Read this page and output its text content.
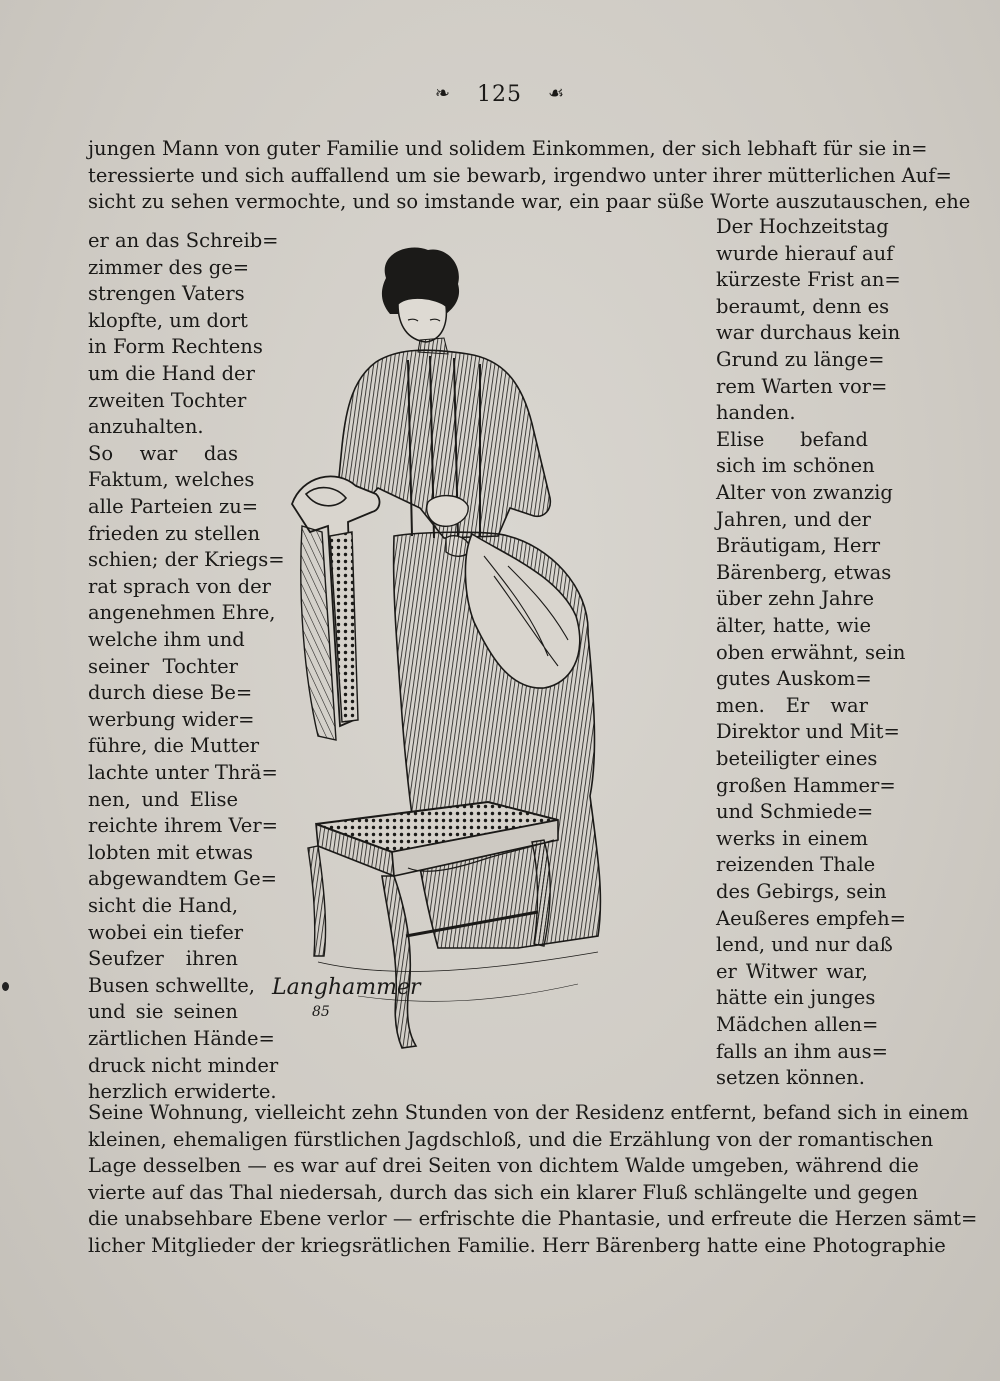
❧ 125 ☙
jungen Mann von guter Familie und solidem Einkommen, der sich lebhaft für sie in=
teressierte und sich auffallend um sie bewarb, irgendwo unter ihrer mütterlichen Auf=
sicht zu sehen vermochte, und so imstande war, ein paar süße Worte auszutauschen, ehe
er an das Schreib=
zimmer des ge=
strengen Vaters
klopfte, um dort
in Form Rechtens
um die Hand der
zweiten Tochter
anzuhalten.
So war das
Faktum, welches
alle Parteien zu=
frieden zu stellen
schien; der Kriegs=
rat sprach von der
angenehmen Ehre,
welche ihm und
seiner Tochter
durch diese Be=
werbung wider=
führe, die Mutter
lachte unter Thrä=
nen, und Elise
reichte ihrem Ver=
lobten mit etwas
abgewandtem Ge=
sicht die Hand,
wobei ein tiefer
Seufzer ihren
Busen schwellte,
und sie seinen
zärtlichen Hände=
druck nicht minder
herzlich erwiderte.
Der Hochzeitstag
wurde hierauf auf
kürzeste Frist an=
beraumt, denn es
war durchaus kein
Grund zu länge=
rem Warten vor=
handen.
Elise befand
sich im schönen
Alter von zwanzig
Jahren, und der
Bräutigam, Herr
Bärenberg, etwas
über zehn Jahre
älter, hatte, wie
oben erwähnt, sein
gutes Auskom=
men. Er war
Direktor und Mit=
beteiligter eines
großen Hammer=
und Schmiede=
werks in einem
reizenden Thale
des Gebirgs, sein
Aeußeres empfeh=
lend, und nur daß
er Witwer war,
hätte ein junges
Mädchen allen=
falls an ihm aus=
setzen können.
Seine Wohnung, vielleicht zehn Stunden von der Residenz entfernt, befand sich in einem
kleinen, ehemaligen fürstlichen Jagdschloß, und die Erzählung von der romantischen
Lage desselben — es war auf drei Seiten von dichtem Walde umgeben, während die
vierte auf das Thal niedersah, durch das sich ein klarer Fluß schlängelte und gegen
die unabsehbare Ebene verlor — erfrischte die Phantasie, und erfreute die Herzen sämt=
licher Mitglieder der kriegsrätlichen Familie. Herr Bärenberg hatte eine Photographie
Langhammer
85
